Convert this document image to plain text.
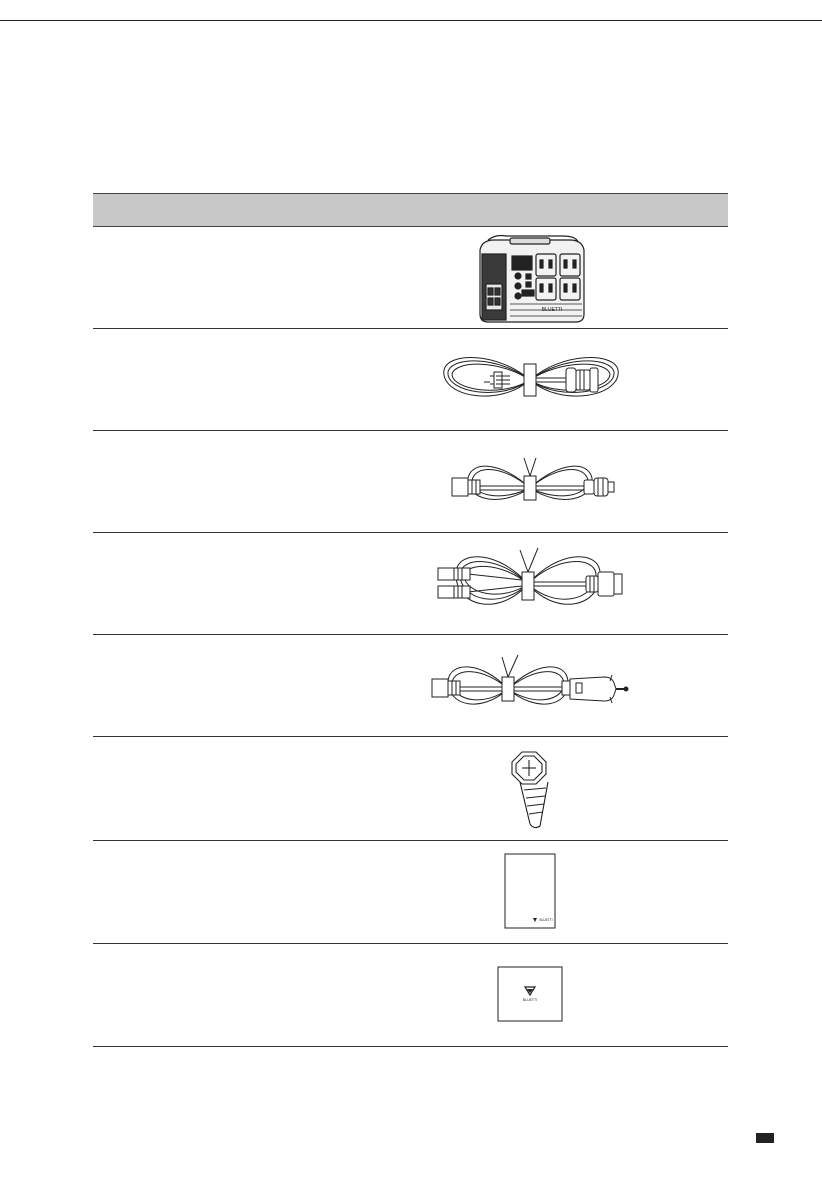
BLUETTI
BLUETTI
BLUETTI
